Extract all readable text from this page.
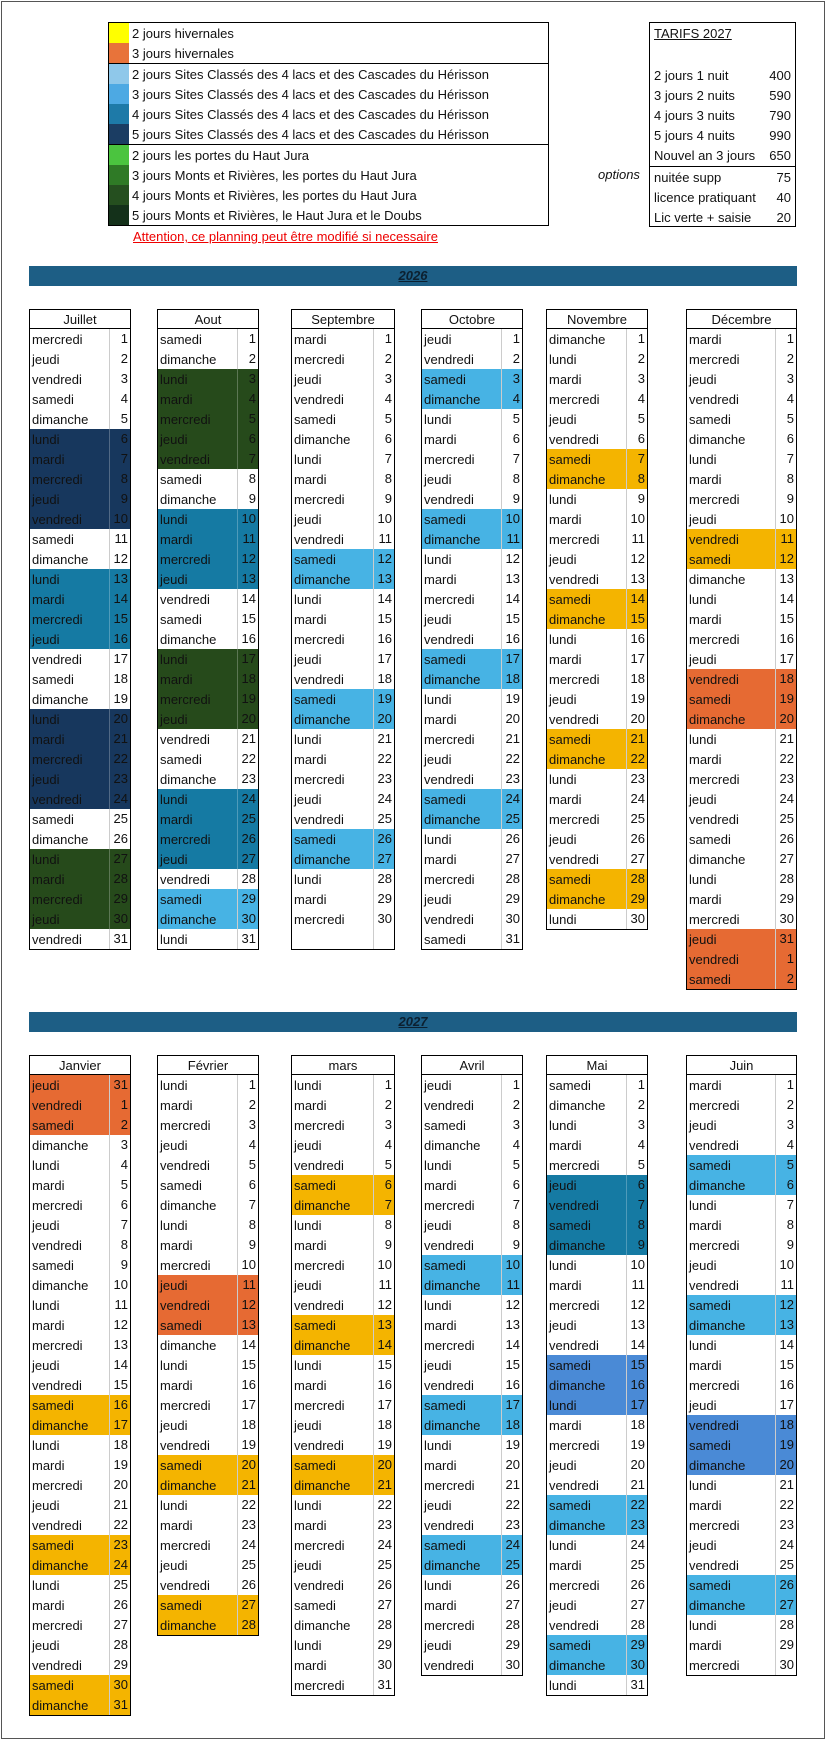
2 jours hivernales
3 jours hivernales
2 jours Sites Classés des 4 lacs et des Cascades du Hérisson
3 jours Sites Classés des 4 lacs et des Cascades du Hérisson
4 jours Sites Classés des 4 lacs et des Cascades du Hérisson
5 jours Sites Classés des 4 lacs et des Cascades du Hérisson
2 jours les portes du Haut Jura
3 jours Monts et Rivières, les portes du Haut Jura
4 jours Monts et Rivières, les portes du Haut Jura
5 jours Monts et Rivières, le Haut Jura et le Doubs
Attention, ce planning peut être modifié si necessaire
TARIFS 2027
2 jours 1 nuit	400
3 jours 2 nuits	590
4 jours 3 nuits	790
5 jours 4 nuits	990
Nouvel an 3 jours 650
nuitée supp	75
licence pratiquant 40
Lic verte + saisie 20
options
2026
2027
Juillet
mercredi	1
jeudi	2
vendredi	3
samedi	4
dimanche	5
lundi	6
mardi	7
mercredi	8
jeudi	9
vendredi	10
samedi	11
dimanche	12
lundi	13
mardi	14
mercredi	15
jeudi	16
vendredi	17
samedi	18
dimanche	19
lundi	20
mardi	21
mercredi	22
jeudi	23
vendredi	24
samedi	25
dimanche	26
lundi	27
mardi	28
mercredi	29
jeudi	30
vendredi	31
Aout
samedi	1
dimanche	2
lundi	3
mardi	4
mercredi	5
jeudi	6
vendredi	7
samedi	8
dimanche	9
lundi	10
mardi	11
mercredi	12
jeudi	13
vendredi	14
samedi	15
dimanche	16
lundi	17
mardi	18
mercredi	19
jeudi	20
vendredi	21
samedi	22
dimanche	23
lundi	24
mardi	25
mercredi	26
jeudi	27
vendredi	28
samedi	29
dimanche	30
lundi	31
Septembre
mardi	1
mercredi	2
jeudi	3
vendredi	4
samedi	5
dimanche	6
lundi	7
mardi	8
mercredi	9
jeudi	10
vendredi	11
samedi	12
dimanche	13
lundi	14
mardi	15
mercredi	16
jeudi	17
vendredi	18
samedi	19
dimanche	20
lundi	21
mardi	22
mercredi	23
jeudi	24
vendredi	25
samedi	26
dimanche	27
lundi	28
mardi	29
mercredi	30
Octobre
jeudi	1
vendredi	2
samedi	3
dimanche	4
lundi	5
mardi	6
mercredi	7
jeudi	8
vendredi	9
samedi	10
dimanche	11
lundi	12
mardi	13
mercredi	14
jeudi	15
vendredi	16
samedi	17
dimanche	18
lundi	19
mardi	20
mercredi	21
jeudi	22
vendredi	23
samedi	24
dimanche	25
lundi	26
mardi	27
mercredi	28
jeudi	29
vendredi	30
samedi	31
Novembre
dimanche	1
lundi	2
mardi	3
mercredi	4
jeudi	5
vendredi	6
samedi	7
dimanche	8
lundi	9
mardi	10
mercredi	11
jeudi	12
vendredi	13
samedi	14
dimanche	15
lundi	16
mardi	17
mercredi	18
jeudi	19
vendredi	20
samedi	21
dimanche	22
lundi	23
mardi	24
mercredi	25
jeudi	26
vendredi	27
samedi	28
dimanche	29
lundi	30
Décembre
mardi	1
mercredi	2
jeudi	3
vendredi	4
samedi	5
dimanche	6
lundi	7
mardi	8
mercredi	9
jeudi	10
vendredi	11
samedi	12
dimanche	13
lundi	14
mardi	15
mercredi	16
jeudi	17
vendredi	18
samedi	19
dimanche	20
lundi	21
mardi	22
mercredi	23
jeudi	24
vendredi	25
samedi	26
dimanche	27
lundi	28
mardi	29
mercredi	30
jeudi	31
vendredi	1
samedi	2
Janvier
jeudi	31
vendredi	1
samedi	2
dimanche	3
lundi	4
mardi	5
mercredi	6
jeudi	7
vendredi	8
samedi	9
dimanche	10
lundi	11
mardi	12
mercredi	13
jeudi	14
vendredi	15
samedi	16
dimanche	17
lundi	18
mardi	19
mercredi	20
jeudi	21
vendredi	22
samedi	23
dimanche	24
lundi	25
mardi	26
mercredi	27
jeudi	28
vendredi	29
samedi	30
dimanche	31
Février
lundi	1
mardi	2
mercredi	3
jeudi	4
vendredi	5
samedi	6
dimanche	7
lundi	8
mardi	9
mercredi	10
jeudi	11
vendredi	12
samedi	13
dimanche	14
lundi	15
mardi	16
mercredi	17
jeudi	18
vendredi	19
samedi	20
dimanche	21
lundi	22
mardi	23
mercredi	24
jeudi	25
vendredi	26
samedi	27
dimanche	28
mars
lundi	1
mardi	2
mercredi	3
jeudi	4
vendredi	5
samedi	6
dimanche	7
lundi	8
mardi	9
mercredi	10
jeudi	11
vendredi	12
samedi	13
dimanche	14
lundi	15
mardi	16
mercredi	17
jeudi	18
vendredi	19
samedi	20
dimanche	21
lundi	22
mardi	23
mercredi	24
jeudi	25
vendredi	26
samedi	27
dimanche	28
lundi	29
mardi	30
mercredi	31
Avril
jeudi	1
vendredi	2
samedi	3
dimanche	4
lundi	5
mardi	6
mercredi	7
jeudi	8
vendredi	9
samedi	10
dimanche	11
lundi	12
mardi	13
mercredi	14
jeudi	15
vendredi	16
samedi	17
dimanche	18
lundi	19
mardi	20
mercredi	21
jeudi	22
vendredi	23
samedi	24
dimanche	25
lundi	26
mardi	27
mercredi	28
jeudi	29
vendredi	30
Mai
samedi	1
dimanche	2
lundi	3
mardi	4
mercredi	5
jeudi	6
vendredi	7
samedi	8
dimanche	9
lundi	10
mardi	11
mercredi	12
jeudi	13
vendredi	14
samedi	15
dimanche	16
lundi	17
mardi	18
mercredi	19
jeudi	20
vendredi	21
samedi	22
dimanche	23
lundi	24
mardi	25
mercredi	26
jeudi	27
vendredi	28
samedi	29
dimanche	30
lundi	31
Juin
mardi	1
mercredi	2
jeudi	3
vendredi	4
samedi	5
dimanche	6
lundi	7
mardi	8
mercredi	9
jeudi	10
vendredi	11
samedi	12
dimanche	13
lundi	14
mardi	15
mercredi	16
jeudi	17
vendredi	18
samedi	19
dimanche	20
lundi	21
mardi	22
mercredi	23
jeudi	24
vendredi	25
samedi	26
dimanche	27
lundi	28
mardi	29
mercredi	30
